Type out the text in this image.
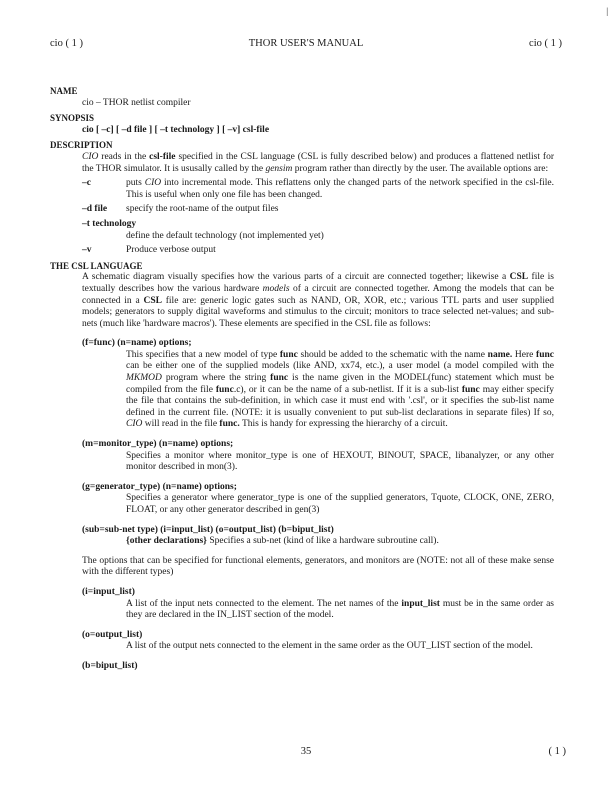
|
THOR USER'S MANUAL
cio ( 1 )	cio ( 1 )
NAME
cio – THOR netlist compiler
SYNOPSIS
cio [ –c] [ –d file ] [ –t technology ] [ –v] csl-file
DESCRIPTION
CIO reads in the csl-file specified in the CSL language (CSL is fully described below) and produces a flattened netlist for the THOR simulator. It is ususally called by the gensim program rather than directly by the user. The available options are:
–c	puts CIO into incremental mode. This reflattens only the changed parts of the network specified in the csl-file. This is useful when only one file has been changed.
–d file	specify the root-name of the output files
–t technology
define the default technology (not implemented yet)
–v	Produce verbose output
THE CSL LANGUAGE
A schematic diagram visually specifies how the various parts of a circuit are connected together; likewise a CSL file is textually describes how the various hardware models of a circuit are connected together. Among the models that can be connected in a CSL file are: generic logic gates such as NAND, OR, XOR, etc.; various TTL parts and user supplied models; generators to supply digital waveforms and stimulus to the circuit; monitors to trace selected net-values; and sub-nets (much like 'hardware macros'). These elements are specified in the CSL file as follows:
(f=func) (n=name) options;
This specifies that a new model of type func should be added to the schematic with the name name. Here func can be either one of the supplied models (like AND, xx74, etc.), a user model (a model compiled with the MKMOD program where the string func is the name given in the MODEL(func) statement which must be compiled from the file func.c), or it can be the name of a sub-netlist. If it is a sub-list func may either specify the file that contains the sub-definition, in which case it must end with '.csl', or it specifies the sub-list name defined in the current file. (NOTE: it is usually convenient to put sub-list declarations in separate files) If so, CIO will read in the file func. This is handy for expressing the hierarchy of a circuit.
(m=monitor_type) (n=name) options;
Specifies a monitor where monitor_type is one of HEXOUT, BINOUT, SPACE, libanalyzer, or any other monitor described in mon(3).
(g=generator_type) (n=name) options;
Specifies a generator where generator_type is one of the supplied generators, Tquote, CLOCK, ONE, ZERO, FLOAT, or any other generator described in gen(3)
(sub=sub-net type) (i=input_list) (o=output_list) (b=biput_list)
{other declarations} Specifies a sub-net (kind of like a hardware subroutine call).
The options that can be specified for functional elements, generators, and monitors are (NOTE: not all of these make sense with the different types)
(i=input_list)
A list of the input nets connected to the element. The net names of the input_list must be in the same order as they are declared in the IN_LIST section of the model.
(o=output_list)
A list of the output nets connected to the element in the same order as the OUT_LIST section of the model.
(b=biput_list)
35	( 1 )
